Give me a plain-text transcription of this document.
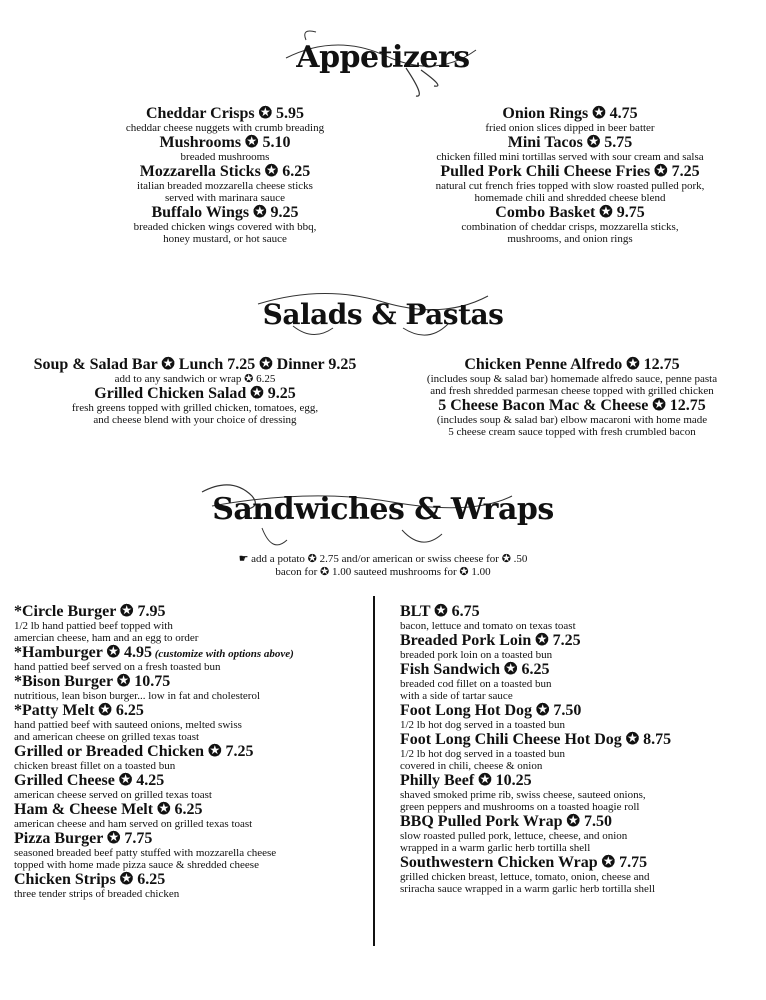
Appetizers
Cheddar Crisps ✪ 5.95
cheddar cheese nuggets with crumb breading
Mushrooms ✪ 5.10
breaded mushrooms
Mozzarella Sticks ✪ 6.25
italian breaded mozzarella cheese sticks
served with marinara sauce
Buffalo Wings ✪ 9.25
breaded chicken wings covered with bbq,
honey mustard, or hot sauce
Onion Rings ✪ 4.75
fried onion slices dipped in beer batter
Mini Tacos ✪ 5.75
chicken filled mini tortillas served with sour cream and salsa
Pulled Pork Chili Cheese Fries ✪ 7.25
natural cut french fries topped with slow roasted pulled pork,
homemade chili and shredded cheese blend
Combo Basket ✪ 9.75
combination of cheddar crisps, mozzarella sticks,
mushrooms, and onion rings
Salads & Pastas
Soup & Salad Bar ✪ Lunch 7.25 ✪ Dinner 9.25
add to any sandwich or wrap ✪ 6.25
Grilled Chicken Salad ✪ 9.25
fresh greens topped with grilled chicken, tomatoes, egg,
and cheese blend with your choice of dressing
Chicken Penne Alfredo ✪ 12.75
(includes soup & salad bar) homemade alfredo sauce, penne pasta
and fresh shredded parmesan cheese topped with grilled chicken
5 Cheese Bacon Mac & Cheese ✪ 12.75
(includes soup & salad bar) elbow macaroni with home made
5 cheese cream sauce topped with fresh crumbled bacon
Sandwiches & Wraps
☛ add a potato ✪ 2.75 and/or american or swiss cheese for ✪ .50
bacon for ✪ 1.00 sauteed mushrooms for ✪ 1.00
*Circle Burger ✪ 7.95
1/2 lb hand pattied beef topped with
amercian cheese, ham and an egg to order
*Hamburger ✪ 4.95 (customize with options above)
hand pattied beef served on a fresh toasted bun
*Bison Burger ✪ 10.75
nutritious, lean bison burger... low in fat and cholesterol
*Patty Melt ✪ 6.25
hand pattied beef with sauteed onions, melted swiss
and american cheese on grilled texas toast
Grilled or Breaded Chicken ✪ 7.25
chicken breast fillet on a toasted bun
Grilled Cheese ✪ 4.25
american cheese served on grilled texas toast
Ham & Cheese Melt ✪ 6.25
american cheese and ham served on grilled texas toast
Pizza Burger ✪ 7.75
seasoned breaded beef patty stuffed with mozzarella cheese
topped with home made pizza sauce & shredded cheese
Chicken Strips ✪ 6.25
three tender strips of breaded chicken
BLT ✪ 6.75
bacon, lettuce and tomato on texas toast
Breaded Pork Loin ✪ 7.25
breaded pork loin on a toasted bun
Fish Sandwich ✪ 6.25
breaded cod fillet on a toasted bun
with a side of tartar sauce
Foot Long Hot Dog ✪ 7.50
1/2 lb hot dog served in a toasted bun
Foot Long Chili Cheese Hot Dog ✪ 8.75
1/2 lb hot dog served in a toasted bun
covered in chili, cheese & onion
Philly Beef ✪ 10.25
shaved smoked prime rib, swiss cheese, sauteed onions,
green peppers and mushrooms on a toasted hoagie roll
BBQ Pulled Pork Wrap ✪ 7.50
slow roasted pulled pork, lettuce, cheese, and onion
wrapped in a warm garlic herb tortilla shell
Southwestern Chicken Wrap ✪ 7.75
grilled chicken breast, lettuce, tomato, onion, cheese and
sriracha sauce wrapped in a warm garlic herb tortilla shell
